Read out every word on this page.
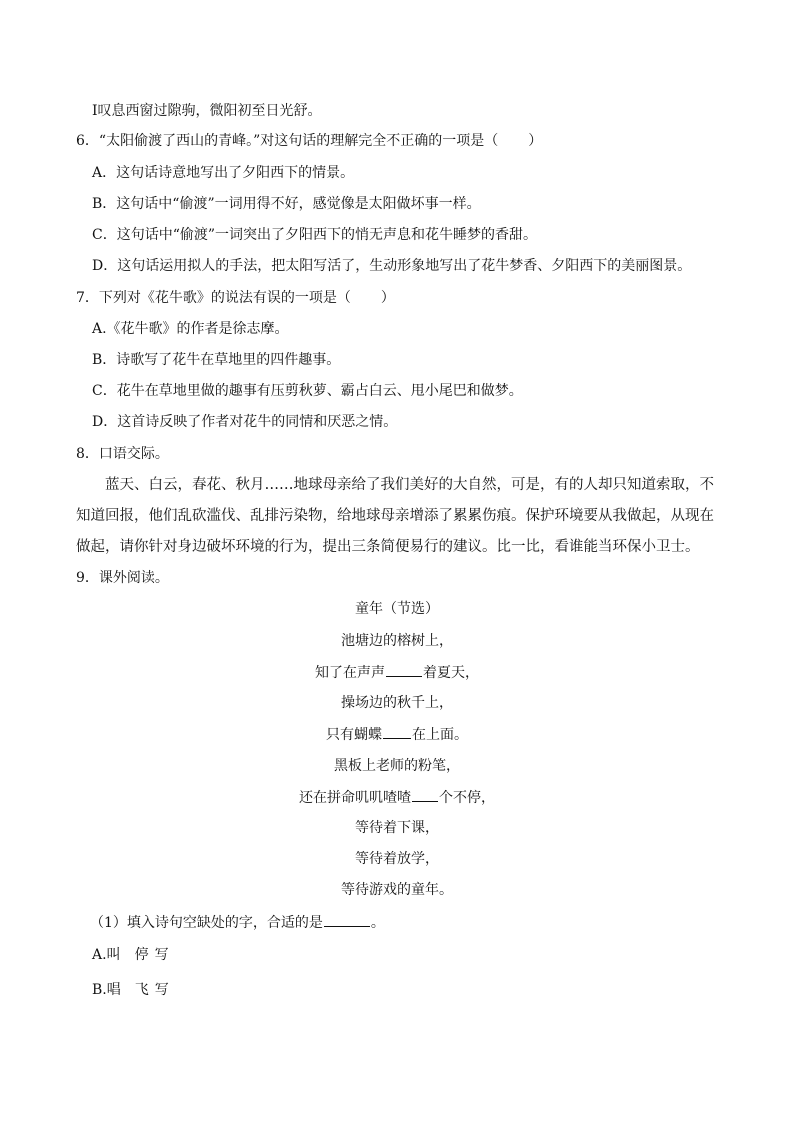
I叹息西窗过隙驹，微阳初至日光舒。
6．“太阳偷渡了西山的青峰。”对这句话的理解完全不正确的一项是（ ）
A．这句话诗意地写出了夕阳西下的情景。
B．这句话中“偷渡”一词用得不好，感觉像是太阳做坏事一样。
C．这句话中“偷渡”一词突出了夕阳西下的悄无声息和花牛睡梦的香甜。
D．这句话运用拟人的手法，把太阳写活了，生动形象地写出了花牛梦香、夕阳西下的美丽图景。
7．下列对《花牛歌》的说法有误的一项是（ ）
A.《花牛歌》的作者是徐志摩。
B．诗歌写了花牛在草地里的四件趣事。
C．花牛在草地里做的趣事有压剪秋萝、霸占白云、甩小尾巴和做梦。
D．这首诗反映了作者对花牛的同情和厌恶之情。
8．口语交际。
蓝天、白云，春花、秋月……地球母亲给了我们美好的大自然，可是，有的人却只知道索取，不知道回报，他们乱砍滥伐、乱排污染物，给地球母亲增添了累累伤痕。保护环境要从我做起，从现在做起，请你针对身边破坏环境的行为，提出三条简便易行的建议。比一比，看谁能当环保小卫士。
9．课外阅读。
童年（节选）
池塘边的榕树上，
知了在声声	着夏天，
操场边的秋千上，
只有蝴蝶 在上面。
黑板上老师的粉笔，
还在拼命叽叽喳喳 个不停，
等待着下课，
等待着放学，
等待游戏的童年。
（1）填入诗句空缺处的字，合适的是	。
A.叫 停 写
B.唱 飞 写
